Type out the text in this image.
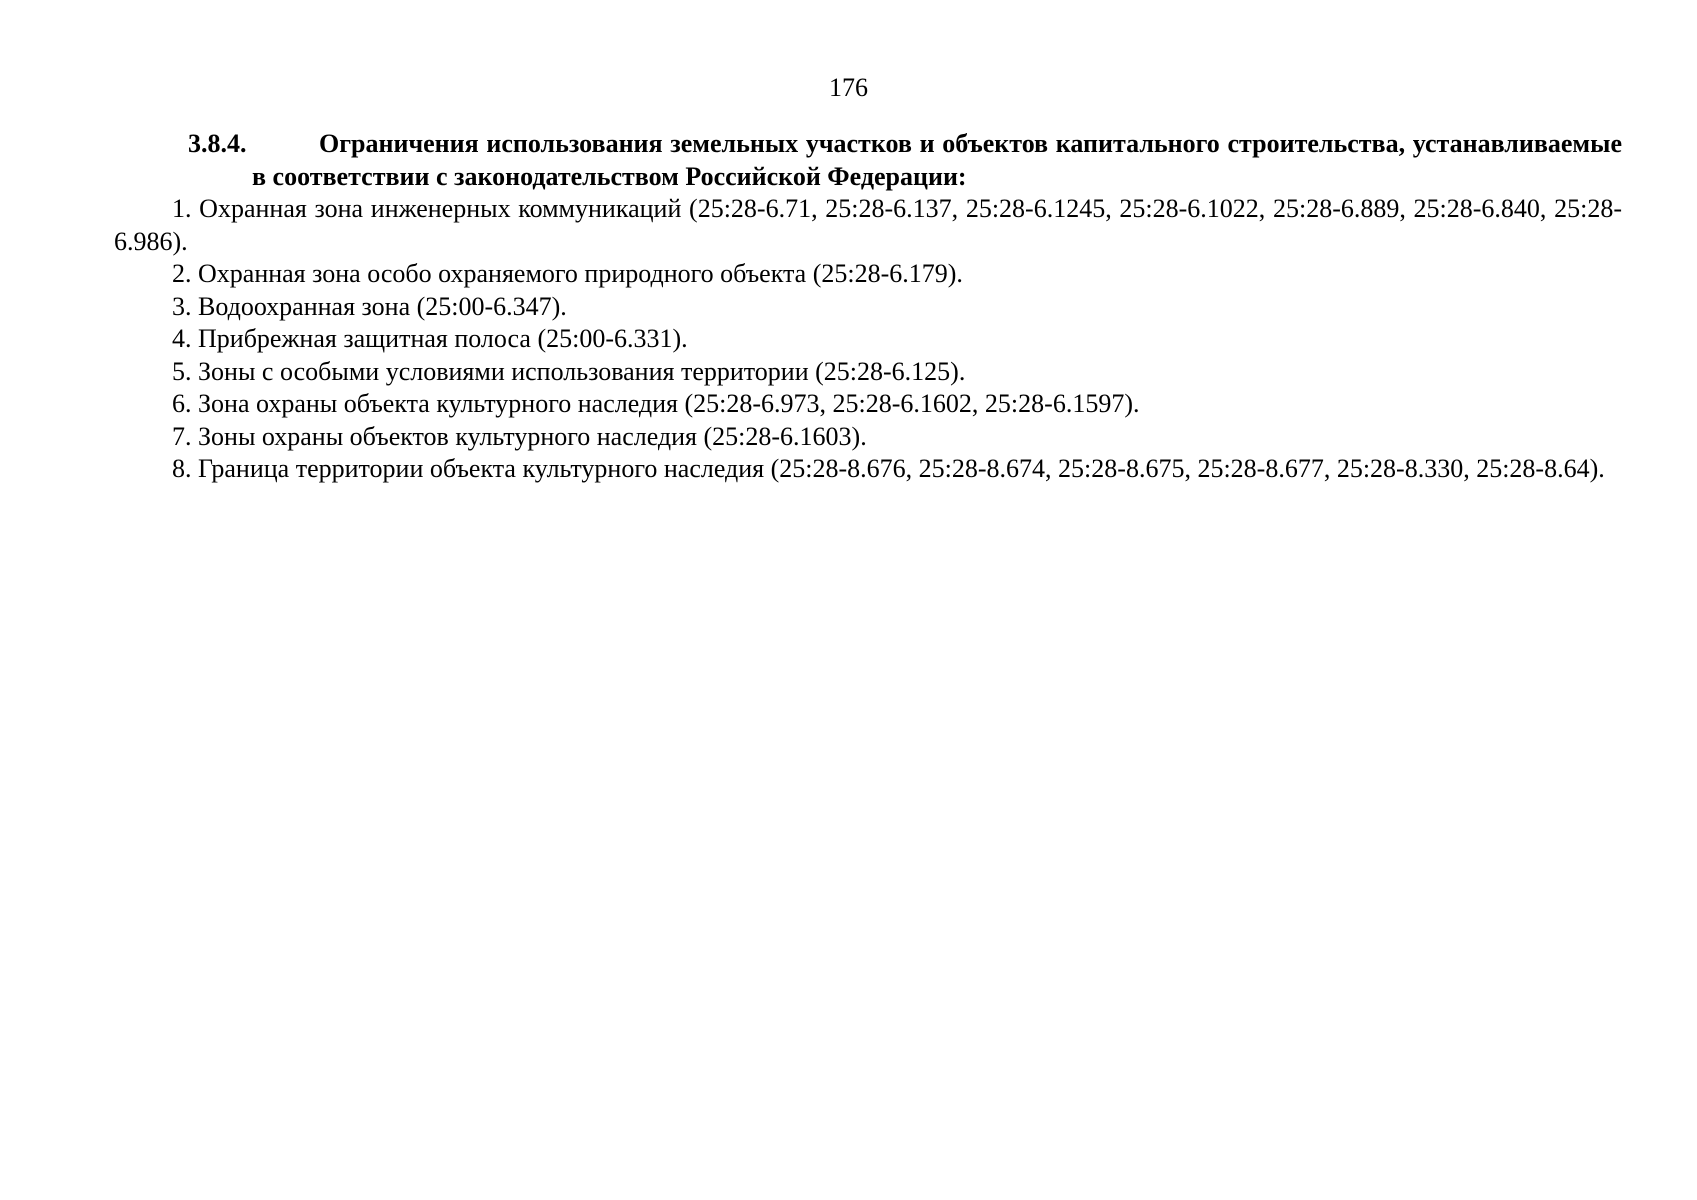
176

3.8.4.	Ограничения использования земельных участков и объектов капитального строительства, устанавливаемые в соответствии с законодательством Российской Федерации:

1. Охранная зона инженерных коммуникаций (25:28-6.71, 25:28-6.137, 25:28-6.1245, 25:28-6.1022, 25:28-6.889, 25:28-6.840, 25:28-6.986).

2. Охранная зона особо охраняемого природного объекта (25:28-6.179).

3. Водоохранная зона (25:00-6.347).

4. Прибрежная защитная полоса (25:00-6.331).

5. Зоны с особыми условиями использования территории (25:28-6.125).

6. Зона охраны объекта культурного наследия (25:28-6.973, 25:28-6.1602, 25:28-6.1597).

7. Зоны охраны объектов культурного наследия (25:28-6.1603).

8. Граница территории объекта культурного наследия (25:28-8.676, 25:28-8.674, 25:28-8.675, 25:28-8.677, 25:28-8.330, 25:28-8.64).
